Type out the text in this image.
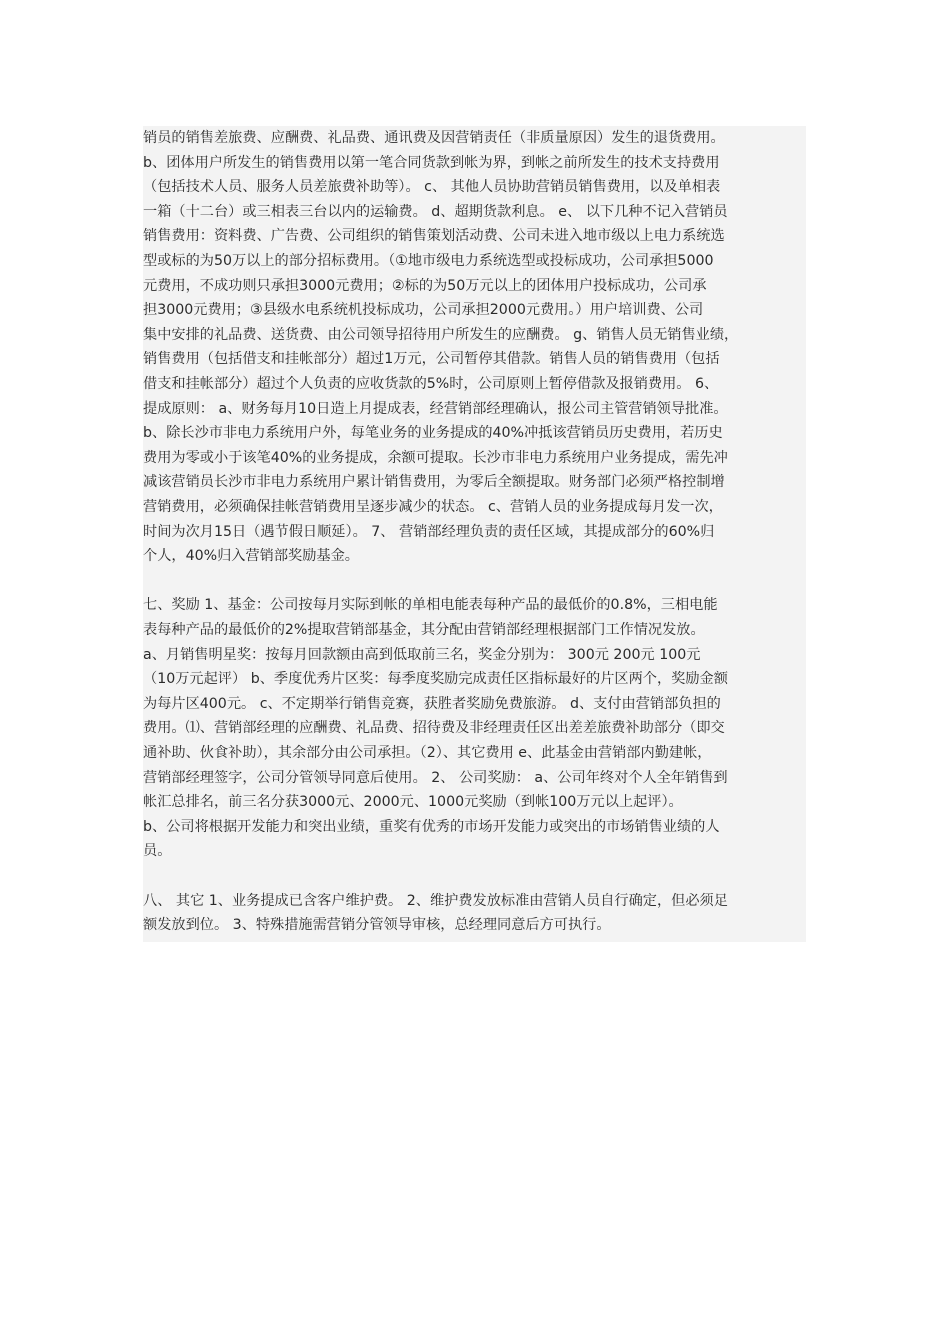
销员的销售差旅费、应酬费、礼品费、通讯费及因营销责任（非质量原因）发生的退货费用。
b、团体用户所发生的销售费用以第一笔合同货款到帐为界，到帐之前所发生的技术支持费用
（包括技术人员、服务人员差旅费补助等）。 c、 其他人员协助营销员销售费用，以及单相表
一箱（十二台）或三相表三台以内的运输费。 d、超期货款利息。 e、 以下几种不记入营销员
销售费用：资料费、广告费、公司组织的销售策划活动费、公司未进入地市级以上电力系统选
型或标的为50万以上的部分招标费用。（①地市级电力系统选型或投标成功，公司承担5000
元费用，不成功则只承担3000元费用；②标的为50万元以上的团体用户投标成功，公司承
担3000元费用；③县级水电系统机投标成功，公司承担2000元费用。）用户培训费、公司
集中安排的礼品费、送货费、由公司领导招待用户所发生的应酬费。 g、销售人员无销售业绩，
销售费用（包括借支和挂帐部分）超过1万元，公司暂停其借款。销售人员的销售费用（包括
借支和挂帐部分）超过个人负责的应收货款的5%时，公司原则上暂停借款及报销费用。 6、
提成原则： a、财务每月10日造上月提成表，经营销部经理确认，报公司主管营销领导批准。
b、除长沙市非电力系统用户外，每笔业务的业务提成的40%冲抵该营销员历史费用，若历史
费用为零或小于该笔40%的业务提成，余额可提取。长沙市非电力系统用户业务提成，需先冲
减该营销员长沙市非电力系统用户累计销售费用，为零后全额提取。财务部门必须严格控制增
营销费用，必须确保挂帐营销费用呈逐步减少的状态。 c、营销人员的业务提成每月发一次，
时间为次月15日（遇节假日顺延）。 7、 营销部经理负责的责任区域，其提成部分的60%归
个人，40%归入营销部奖励基金。
七、奖励 1、基金：公司按每月实际到帐的单相电能表每种产品的最低价的0.8%，三相电能
表每种产品的最低价的2%提取营销部基金，其分配由营销部经理根据部门工作情况发放。
a、月销售明星奖：按每月回款额由高到低取前三名，奖金分别为： 300元 200元 100元
（10万元起评） b、季度优秀片区奖：每季度奖励完成责任区指标最好的片区两个，奖励金额
为每片区400元。 c、不定期举行销售竞赛，获胜者奖励免费旅游。 d、支付由营销部负担的
费用。⑴、营销部经理的应酬费、礼品费、招待费及非经理责任区出差差旅费补助部分（即交
通补助、伙食补助），其余部分由公司承担。（2）、其它费用 e、此基金由营销部内勤建帐，
营销部经理签字，公司分管领导同意后使用。 2、 公司奖励： a、公司年终对个人全年销售到
帐汇总排名，前三名分获3000元、2000元、1000元奖励（到帐100万元以上起评）。
b、公司将根据开发能力和突出业绩，重奖有优秀的市场开发能力或突出的市场销售业绩的人
员。
八、 其它 1、业务提成已含客户维护费。 2、维护费发放标准由营销人员自行确定，但必须足
额发放到位。 3、特殊措施需营销分管领导审核，总经理同意后方可执行。
